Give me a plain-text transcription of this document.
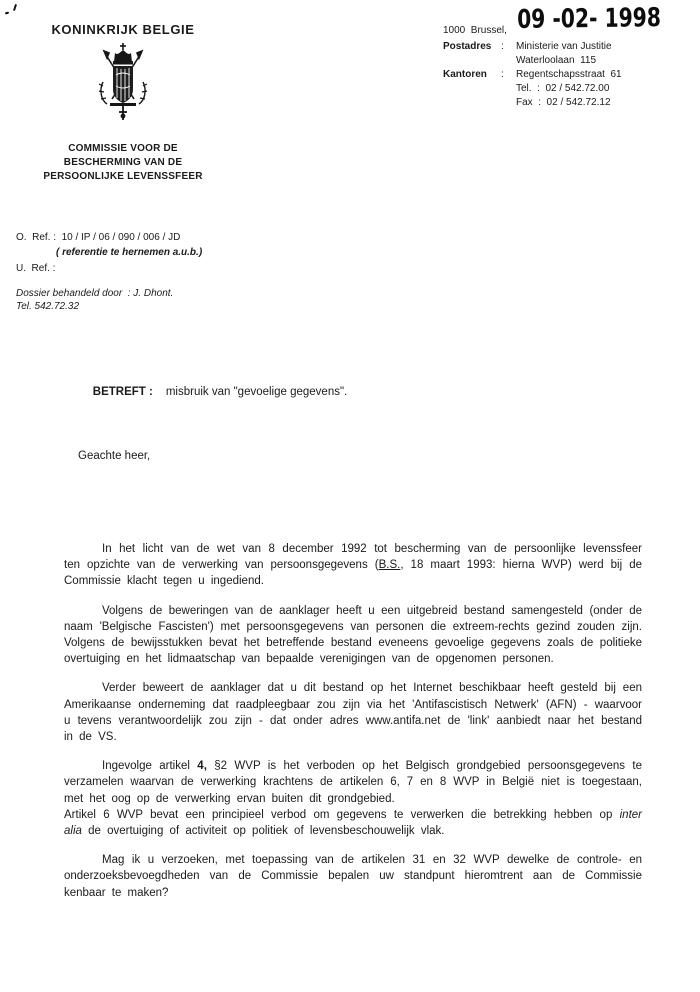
KONINKRIJK BELGIE
COMMISSIE VOOR DE
BESCHERMING VAN DE
PERSOONLIJKE LEVENSSFEER
09 -02- 1998
1000  Brussel,
Postadres :	Ministerie van Justitie
Waterloolaan  115
Kantoren	:	Regentschapsstraat  61
Tel.  :  02 / 542.72.00
Fax  :  02 / 542.72.12
O.  Ref. :  10 / IP / 06 / 090 / 006 / JD
( referentie te hernemen a.u.b.)
U.  Ref. :
Dossier behandeld door  : J. Dhont.
Tel. 542.72.32

BETREFT : misbruik van "gevoelige gegevens".

Geachte heer,

In het licht van de wet van 8 december 1992 tot bescherming van de persoonlijke levenssfeer ten opzichte van de verwerking van persoonsgegevens (B.S., 18 maart 1993: hierna WVP) werd bij de Commissie klacht tegen u ingediend.

Volgens de beweringen van de aanklager heeft u een uitgebreid bestand samengesteld (onder de naam 'Belgische Fascisten') met persoonsgegevens van personen die extreem-rechts gezind zouden zijn. Volgens de bewijsstukken bevat het betreffende bestand eveneens gevoelige gegevens zoals de politieke overtuiging en het lidmaatschap van bepaalde verenigingen van de opgenomen personen.

Verder beweert de aanklager dat u dit bestand op het Internet beschikbaar heeft gesteld bij een Amerikaanse onderneming dat raadpleegbaar zou zijn via het 'Antifascistisch Netwerk' (AFN) - waarvoor u tevens verantwoordelijk zou zijn - dat onder adres www.antifa.net de 'link' aanbiedt naar het bestand in de VS.

Ingevolge artikel 4, §2 WVP is het verboden op het Belgisch grondgebied persoonsgegevens te verzamelen waarvan de verwerking krachtens de artikelen 6, 7 en 8 WVP in België niet is toegestaan, met het oog op de verwerking ervan buiten dit grondgebied.

Artikel 6 WVP bevat een principieel verbod om gegevens te verwerken die betrekking hebben op inter alia de overtuiging of activiteit op politiek of levensbeschouwelijk vlak.

Mag ik u verzoeken, met toepassing van de artikelen 31 en 32 WVP dewelke de controle- en onderzoeksbevoegdheden van de Commissie bepalen uw standpunt hieromtrent aan de Commissie kenbaar te maken?
